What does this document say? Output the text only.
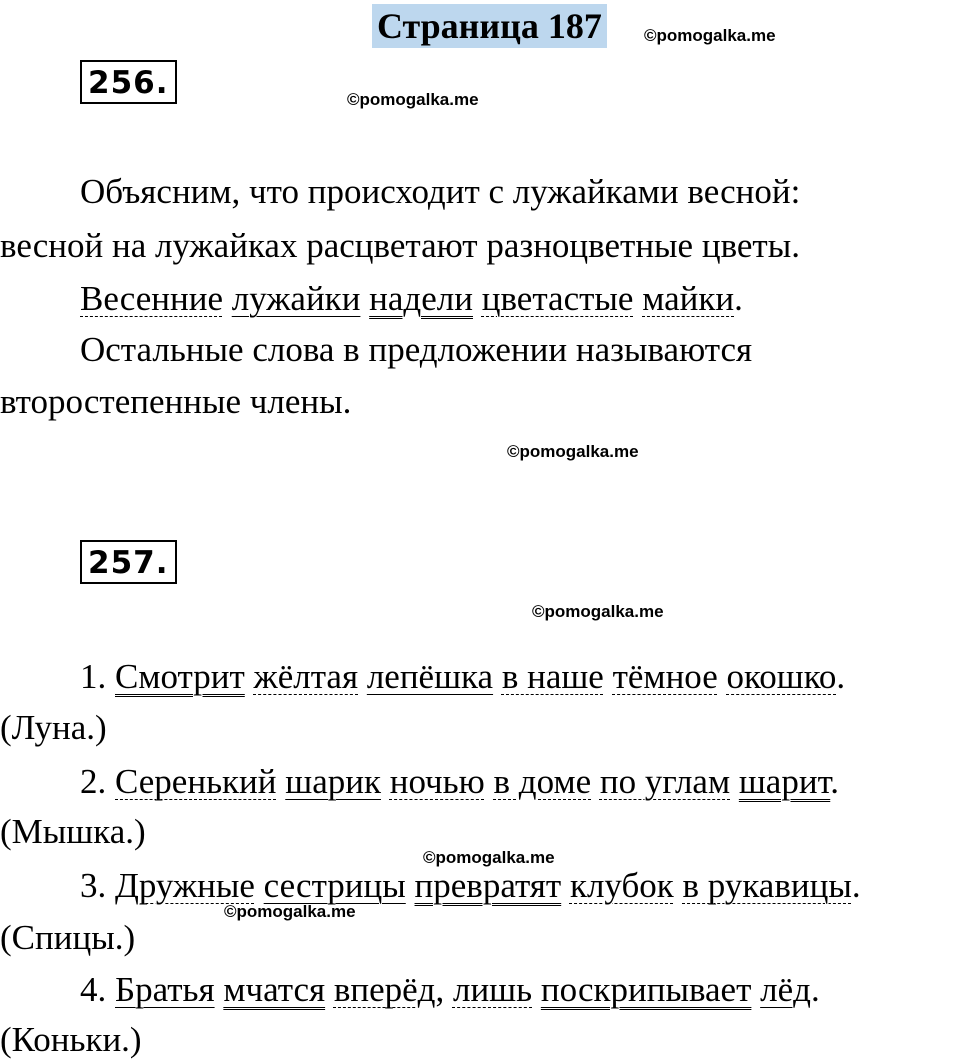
Страница 187 ©pomogalka.me
256.	©pomogalka.me
Объясним, что происходит с лужайками весной:
весной на лужайках расцветают разноцветные цветы.
Весенние лужайки надели цветастые майки.
Остальные слова в предложении называются
второстепенные члены.
©pomogalka.me
257.
©pomogalka.me
1. Смотрит жёлтая лепёшка в наше тёмное окошко.
(Луна.)
2. Серенький шарик ночью в доме по углам шарит.
(Мышка.)
©pomogalka.me
3. Дружные сестрицы превратят клубок в рукавицы.
©pomogalka.me
(Спицы.)
4. Братья мчатся вперёд, лишь поскрипывает лёд.
(Коньки.)
